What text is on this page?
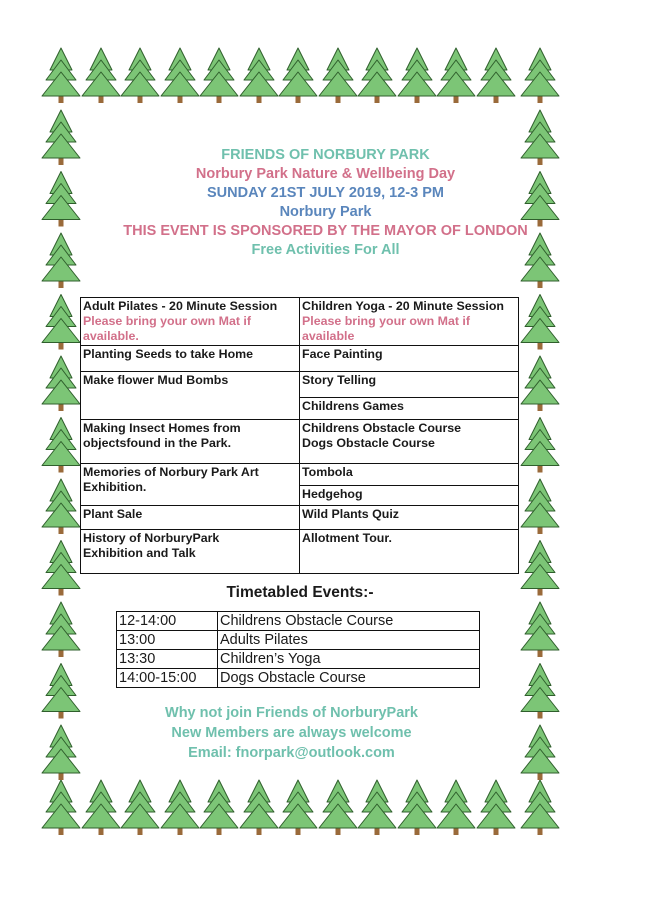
FRIENDS OF NORBURY PARK
Norbury Park Nature & Wellbeing Day
SUNDAY 21ST JULY 2019, 12-3 PM
Norbury Park
THIS EVENT IS SPONSORED BY THE MAYOR OF LONDON
Free Activities For All
Adult Pilates - 20 Minute Session
Please bring your own Mat if
available.	Children Yoga - 20 Minute Session
Please bring your own Mat if
available

Planting Seeds to take Home	Face Painting

Make flower Mud Bombs	Story Telling

	Childrens Games

Making Insect Homes from
objectsfound in the Park.	Childrens Obstacle Course
Dogs Obstacle Course

Memories of Norbury Park Art
Exhibition.	Tombola

	Hedgehog

Plant Sale	Wild Plants Quiz

History of NorburyPark
Exhibition and Talk	Allotment Tour.
Timetabled Events:-
12-14:00	Childrens Obstacle Course
13:00	Adults Pilates
13:30	Children’s Yoga
14:00-15:00	Dogs Obstacle Course
Why not join Friends of NorburyPark
New Members are always welcome
Email: fnorpark@outlook.com
